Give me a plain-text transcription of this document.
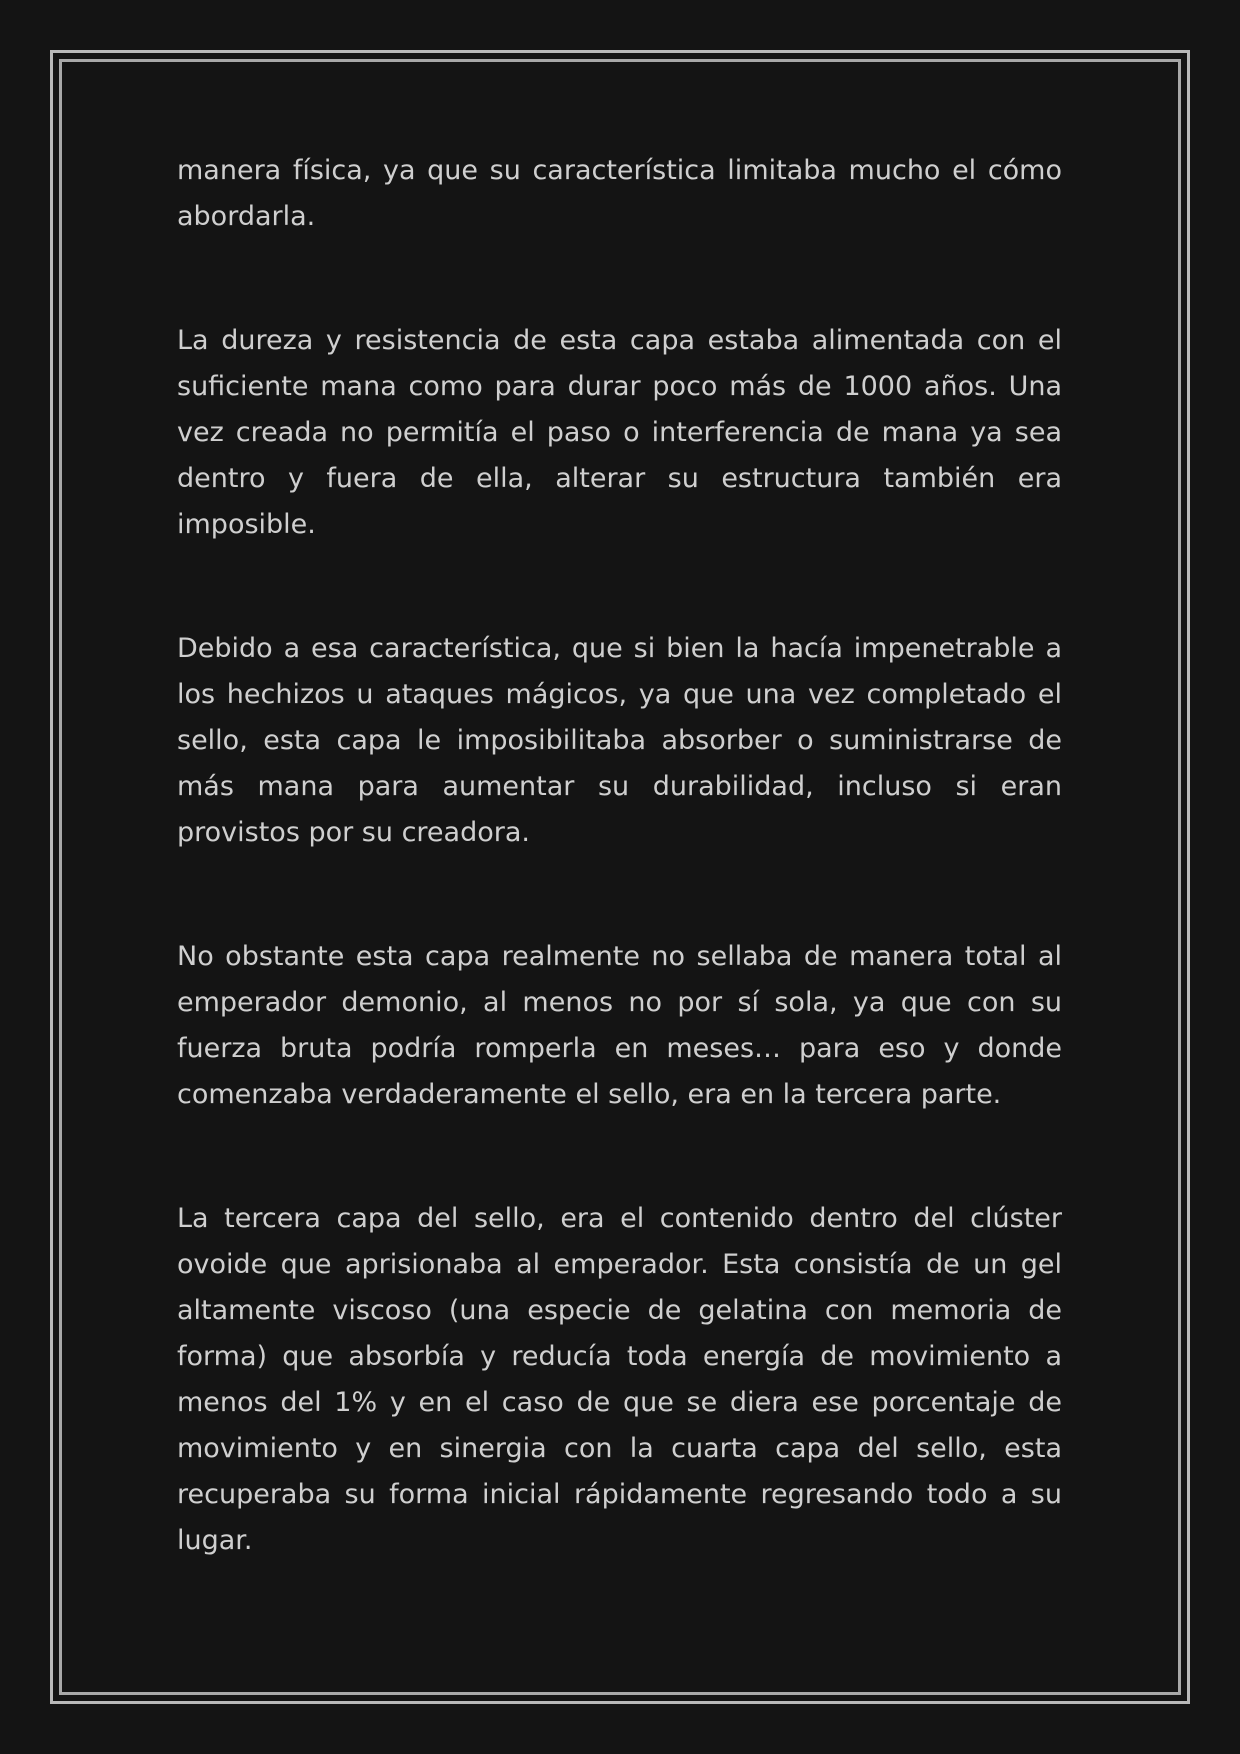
manera física, ya que su característica limitaba mucho el cómo abordarla.

La dureza y resistencia de esta capa estaba alimentada con el suficiente mana como para durar poco más de 1000 años. Una vez creada no permitía el paso o interferencia de mana ya sea dentro y fuera de ella, alterar su estructura también era imposible.

Debido a esa característica, que si bien la hacía impenetrable a los hechizos u ataques mágicos, ya que una vez completado el sello, esta capa le imposibilitaba absorber o suministrarse de más mana para aumentar su durabilidad, incluso si eran provistos por su creadora.

No obstante esta capa realmente no sellaba de manera total al emperador demonio, al menos no por sí sola, ya que con su fuerza bruta podría romperla en meses… para eso y donde comenzaba verdaderamente el sello, era en la tercera parte.

La tercera capa del sello, era el contenido dentro del clúster ovoide que aprisionaba al emperador. Esta consistía de un gel altamente viscoso (una especie de gelatina con memoria de forma) que absorbía y reducía toda energía de movimiento a menos del 1% y en el caso de que se diera ese porcentaje de movimiento y en sinergia con la cuarta capa del sello, esta recuperaba su forma inicial rápidamente regresando todo a su lugar.
